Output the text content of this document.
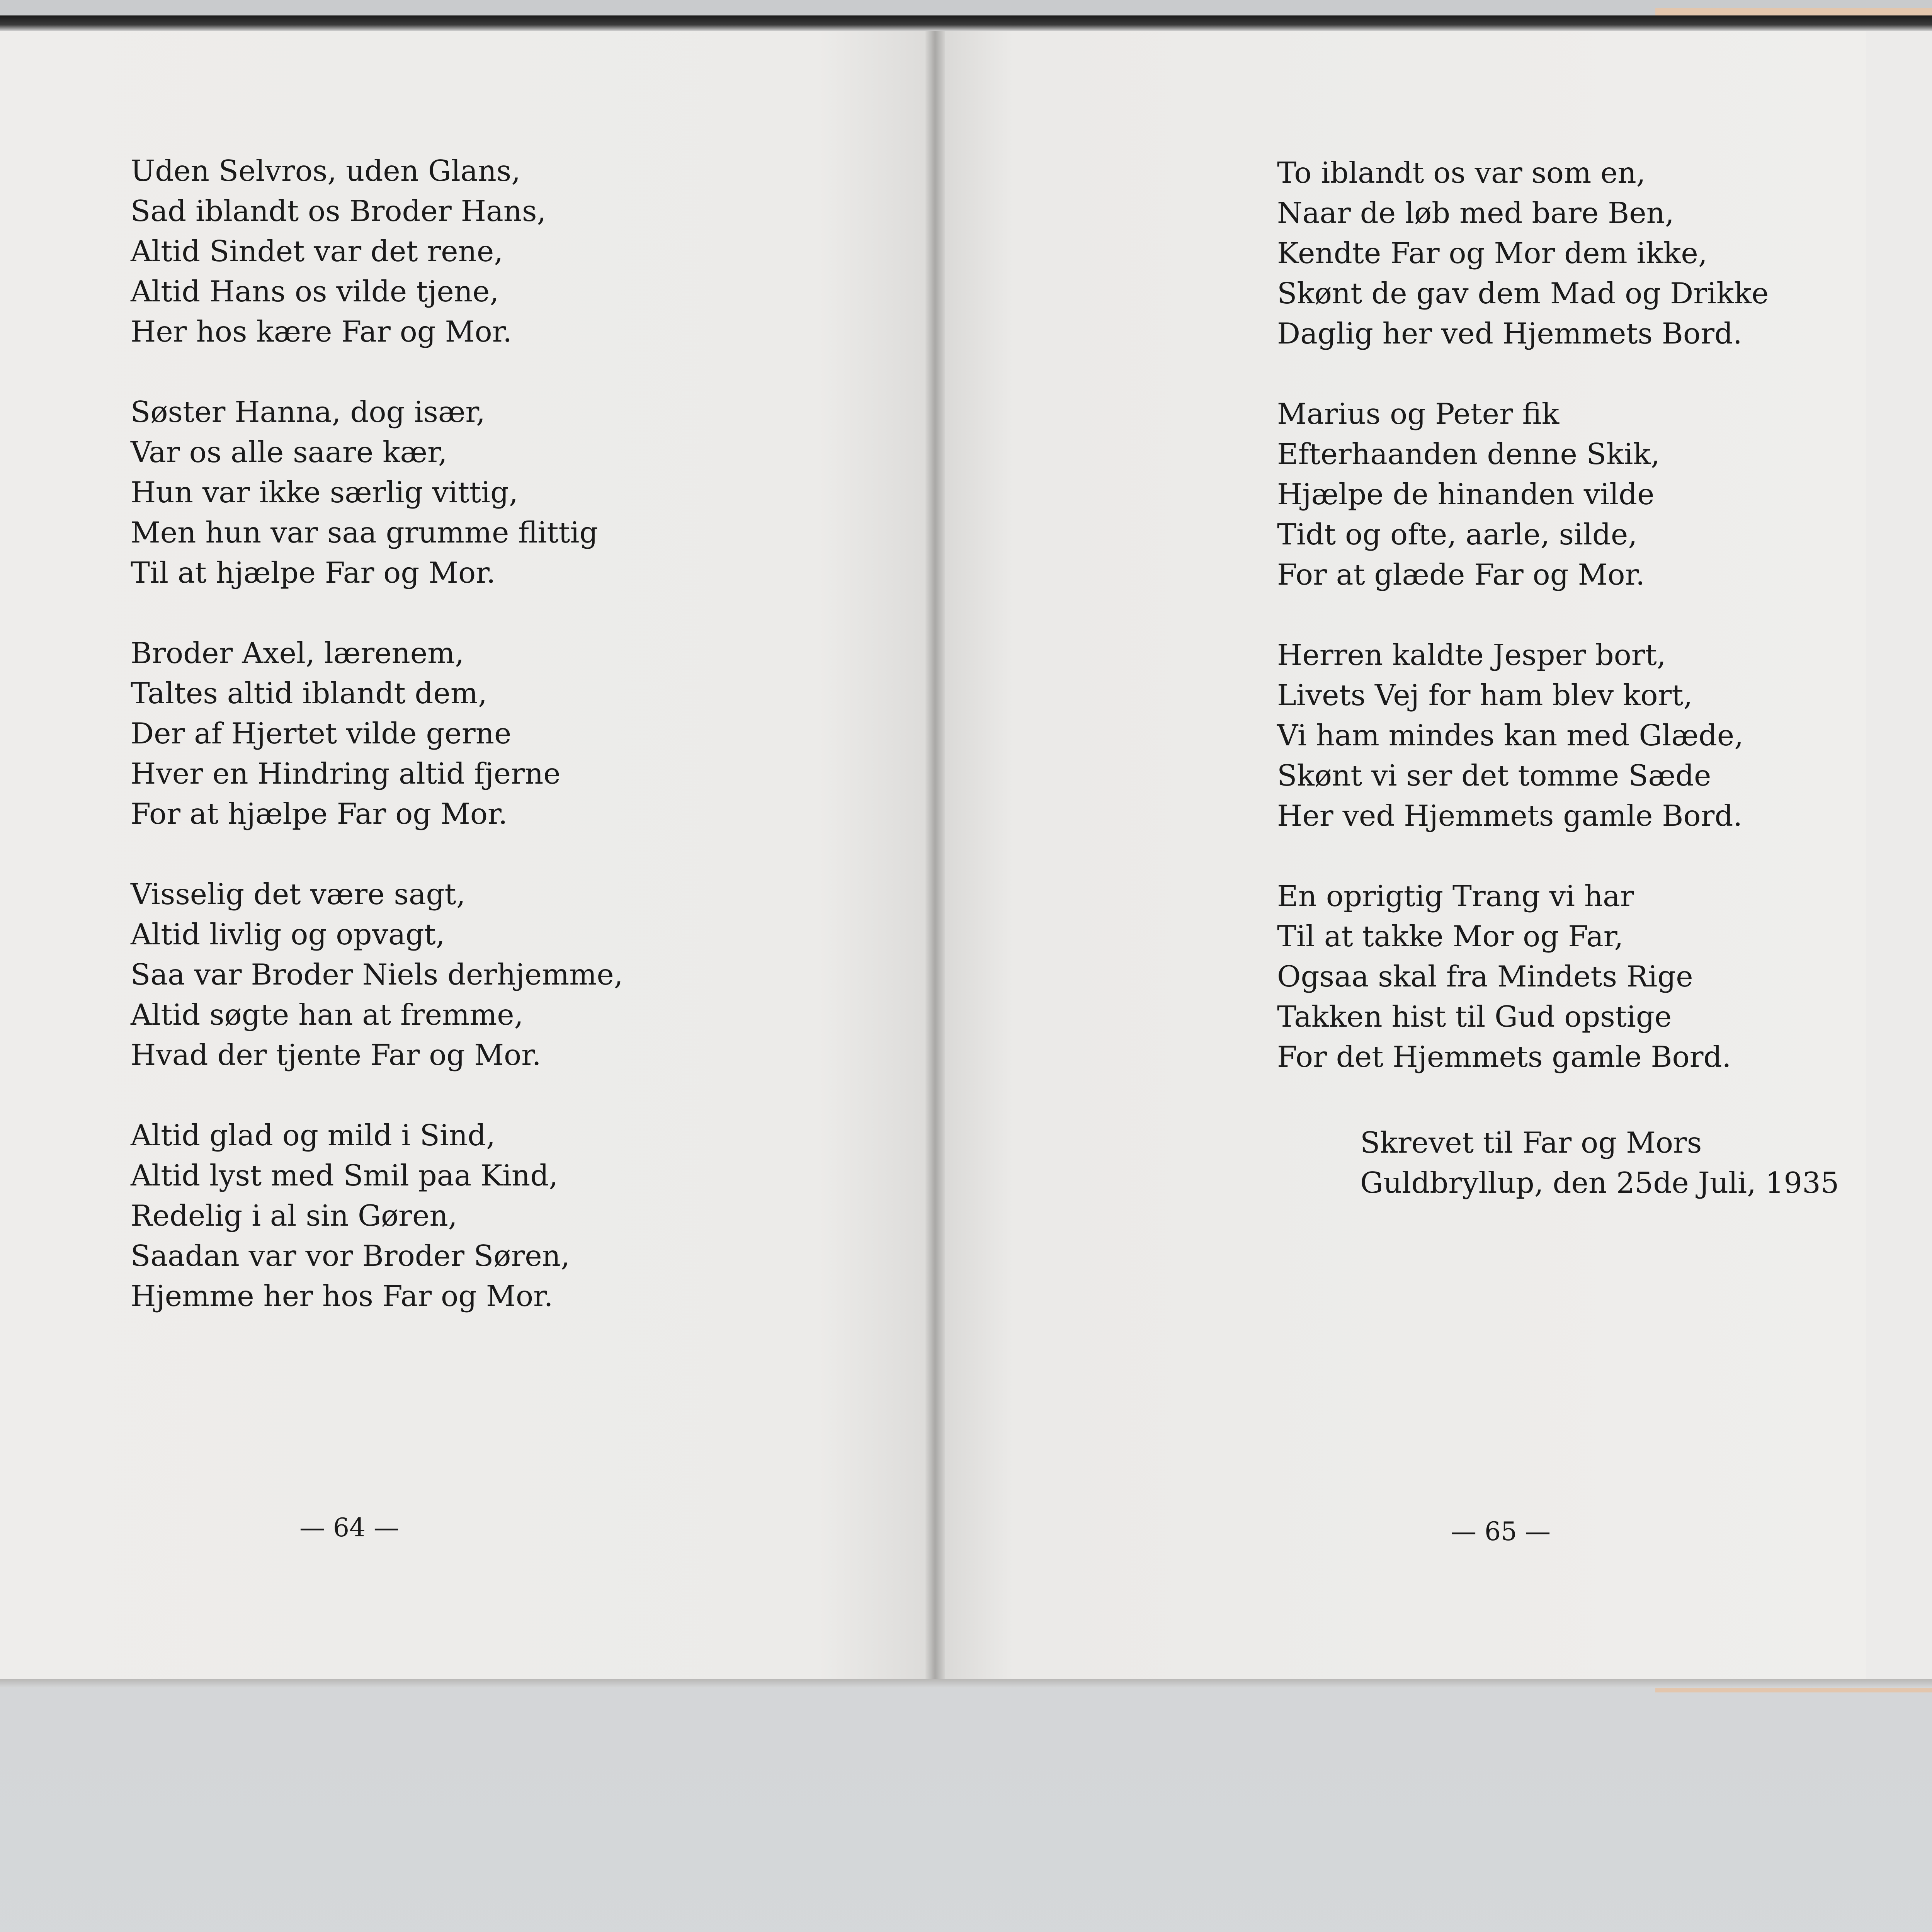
Uden Selvros, uden Glans,
Sad iblandt os Broder Hans,
Altid Sindet var det rene,
Altid Hans os vilde tjene,
Her hos kære Far og Mor.
Søster Hanna, dog især,
Var os alle saare kær,
Hun var ikke særlig vittig,
Men hun var saa grumme flittig
Til at hjælpe Far og Mor.
Broder Axel, lærenem,
Taltes altid iblandt dem,
Der af Hjertet vilde gerne
Hver en Hindring altid fjerne
For at hjælpe Far og Mor.
Visselig det være sagt,
Altid livlig og opvagt,
Saa var Broder Niels derhjemme,
Altid søgte han at fremme,
Hvad der tjente Far og Mor.
Altid glad og mild i Sind,
Altid lyst med Smil paa Kind,
Redelig i al sin Gøren,
Saadan var vor Broder Søren,
Hjemme her hos Far og Mor.
— 64 —
To iblandt os var som en,
Naar de løb med bare Ben,
Kendte Far og Mor dem ikke,
Skønt de gav dem Mad og Drikke
Daglig her ved Hjemmets Bord.
Marius og Peter fik
Efterhaanden denne Skik,
Hjælpe de hinanden vilde
Tidt og ofte, aarle, silde,
For at glæde Far og Mor.
Herren kaldte Jesper bort,
Livets Vej for ham blev kort,
Vi ham mindes kan med Glæde,
Skønt vi ser det tomme Sæde
Her ved Hjemmets gamle Bord.
En oprigtig Trang vi har
Til at takke Mor og Far,
Ogsaa skal fra Mindets Rige
Takken hist til Gud opstige
For det Hjemmets gamle Bord.
Skrevet til Far og Mors
Guldbryllup, den 25de Juli, 1935
— 65 —
